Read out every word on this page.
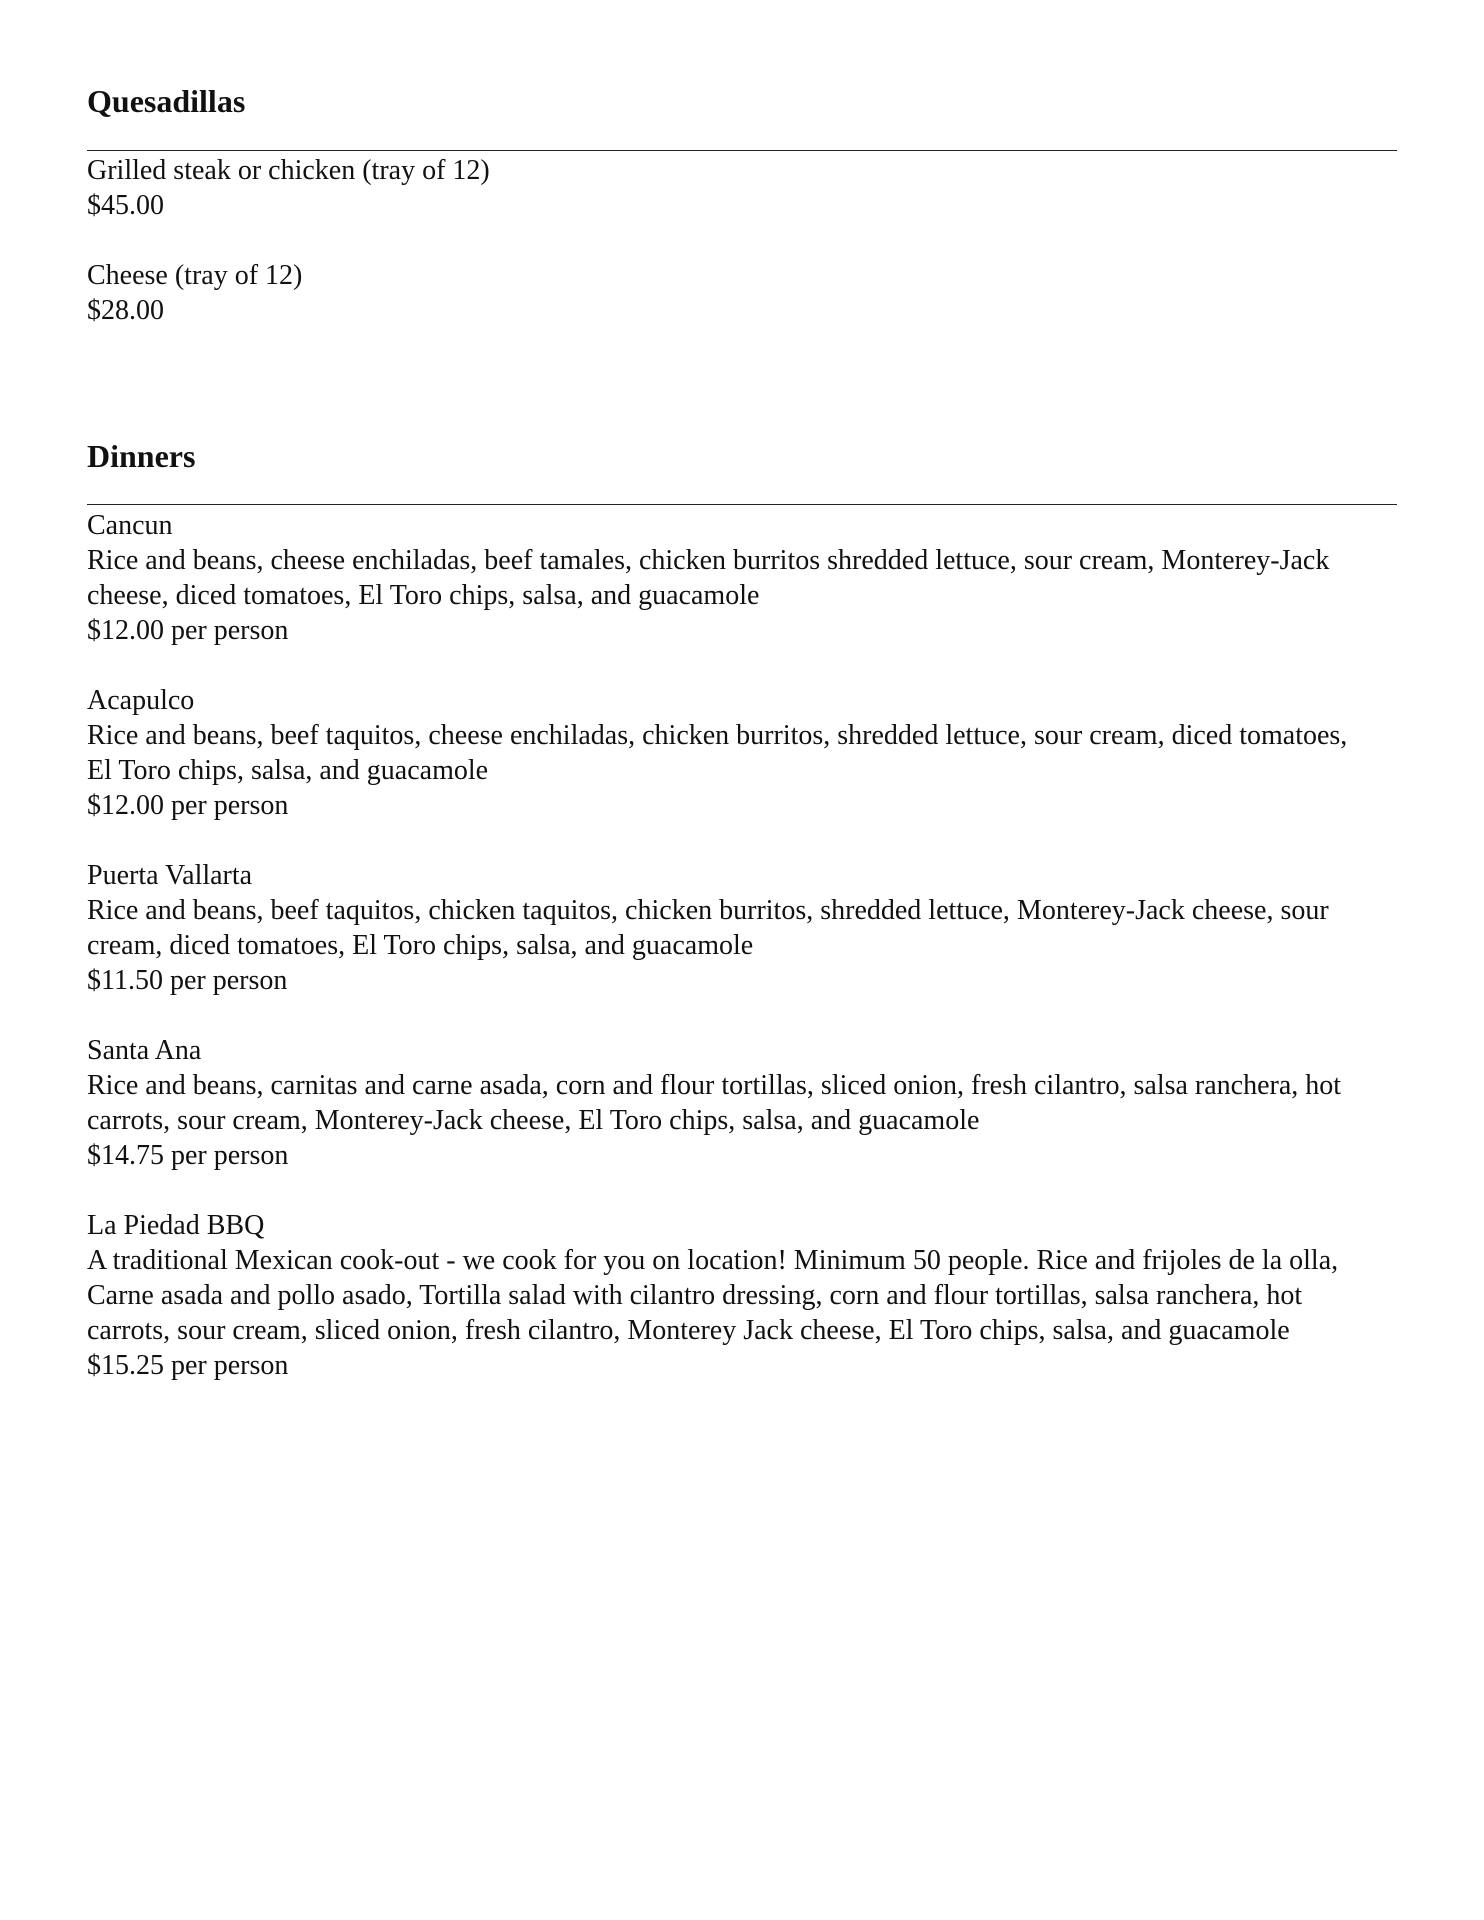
Quesadillas

Grilled steak or chicken (tray of 12)

$45.00

Cheese (tray of 12)

$28.00

Dinners

Cancun

Rice and beans, cheese enchiladas, beef tamales, chicken burritos shredded lettuce, sour cream, Monterey-Jack

cheese, diced tomatoes, El Toro chips, salsa, and guacamole

$12.00 per person

Acapulco

Rice and beans, beef taquitos, cheese enchiladas, chicken burritos, shredded lettuce, sour cream, diced tomatoes,

El Toro chips, salsa, and guacamole

$12.00 per person

Puerta Vallarta

Rice and beans, beef taquitos, chicken taquitos, chicken burritos, shredded lettuce, Monterey-Jack cheese, sour

cream, diced tomatoes, El Toro chips, salsa, and guacamole

$11.50 per person

Santa Ana

Rice and beans, carnitas and carne asada, corn and flour tortillas, sliced onion, fresh cilantro, salsa ranchera, hot

carrots, sour cream, Monterey-Jack cheese, El Toro chips, salsa, and guacamole

$14.75 per person

La Piedad BBQ

A traditional Mexican cook-out - we cook for you on location! Minimum 50 people. Rice and frijoles de la olla,

Carne asada and pollo asado, Tortilla salad with cilantro dressing, corn and flour tortillas, salsa ranchera, hot

carrots, sour cream, sliced onion, fresh cilantro, Monterey Jack cheese, El Toro chips, salsa, and guacamole

$15.25 per person
